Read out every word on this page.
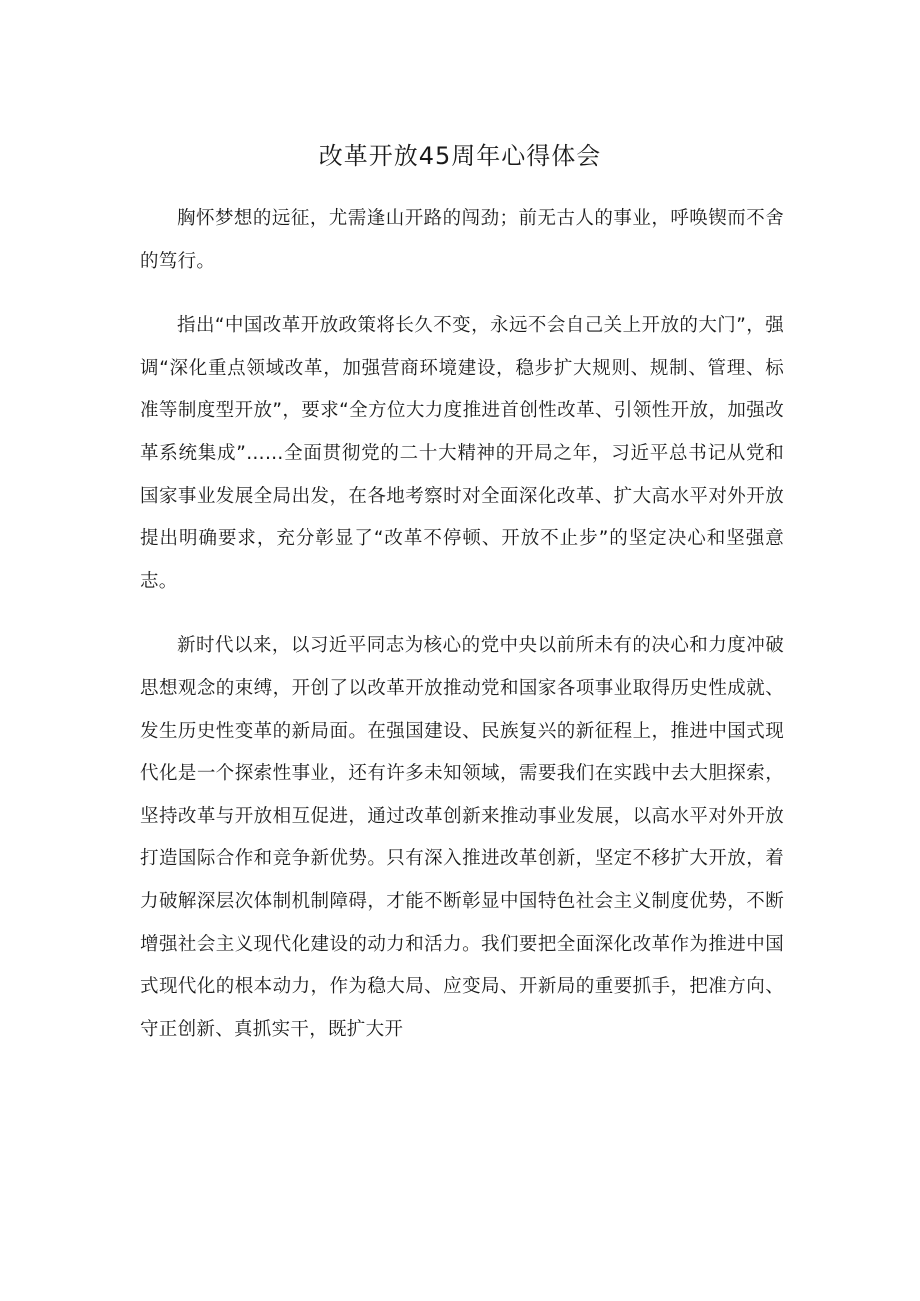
改革开放45周年心得体会

胸怀梦想的远征，尤需逢山开路的闯劲；前无古人的事业，呼唤锲而不舍的笃行。

指出“中国改革开放政策将长久不变，永远不会自己关上开放的大门”，强调“深化重点领域改革，加强营商环境建设，稳步扩大规则、规制、管理、标准等制度型开放”，要求“全方位大力度推进首创性改革、引领性开放，加强改革系统集成”……全面贯彻党的二十大精神的开局之年，习近平总书记从党和国家事业发展全局出发，在各地考察时对全面深化改革、扩大高水平对外开放提出明确要求，充分彰显了“改革不停顿、开放不止步”的坚定决心和坚强意志。

新时代以来，以习近平同志为核心的党中央以前所未有的决心和力度冲破思想观念的束缚，开创了以改革开放推动党和国家各项事业取得历史性成就、发生历史性变革的新局面。在强国建设、民族复兴的新征程上，推进中国式现代化是一个探索性事业，还有许多未知领域，需要我们在实践中去大胆探索，坚持改革与开放相互促进，通过改革创新来推动事业发展，以高水平对外开放打造国际合作和竞争新优势。只有深入推进改革创新，坚定不移扩大开放，着力破解深层次体制机制障碍，才能不断彰显中国特色社会主义制度优势，不断增强社会主义现代化建设的动力和活力。我们要把全面深化改革作为推进中国式现代化的根本动力，作为稳大局、应变局、开新局的重要抓手，把准方向、守正创新、真抓实干，既扩大开
